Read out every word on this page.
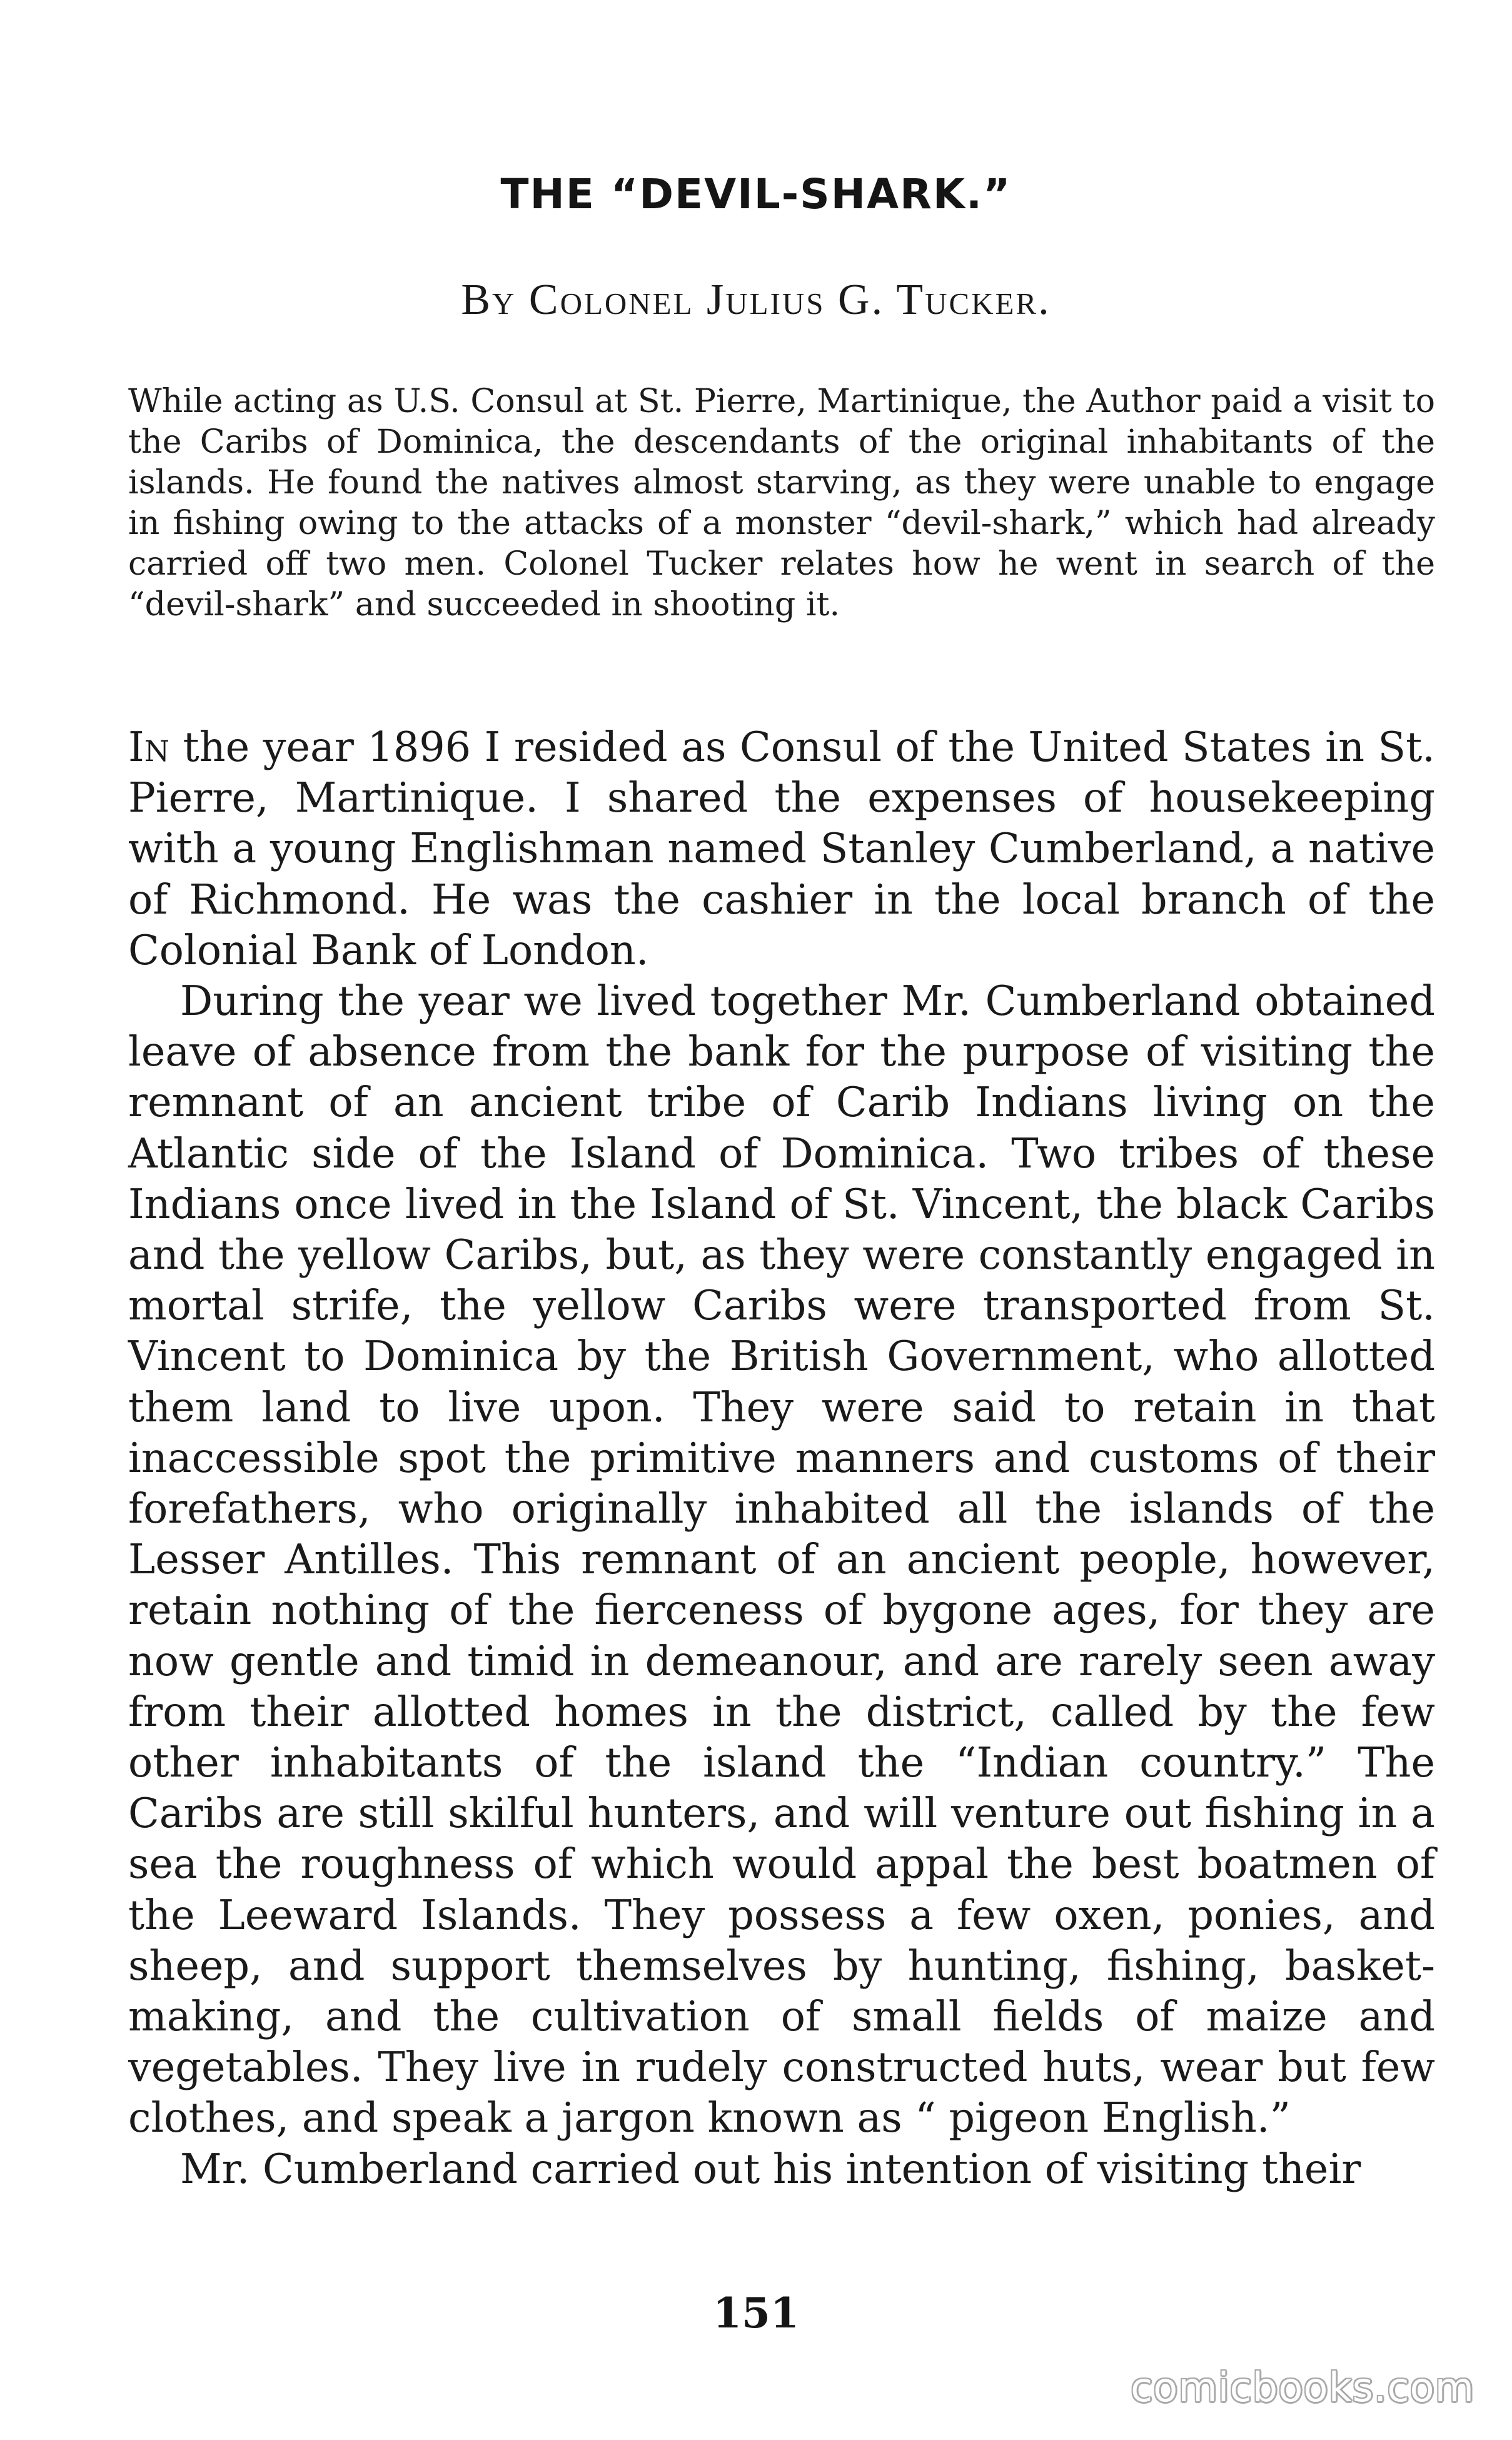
THE “DEVIL-SHARK.”
By Colonel Julius G. Tucker.

While acting as U.S. Consul at St. Pierre, Martinique, the Author paid a visit to the Caribs of Dominica, the descendants of the original inhabitants of the islands. He found the natives almost starving, as they were unable to engage in fishing owing to the attacks of a monster “devil-shark,” which had already carried off two men. Colonel Tucker relates how he went in search of the “devil-shark” and succeeded in shooting it.

In the year 1896 I resided as Consul of the United States in St. Pierre, Martinique. I shared the expenses of housekeeping with a young Englishman named Stanley Cumberland, a native of Richmond. He was the cashier in the local branch of the Colonial Bank of London.

During the year we lived together Mr. Cumberland obtained leave of absence from the bank for the purpose of visiting the remnant of an ancient tribe of Carib Indians living on the Atlantic side of the Island of Dominica. Two tribes of these Indians once lived in the Island of St. Vincent, the black Caribs and the yellow Caribs, but, as they were constantly engaged in mortal strife, the yellow Caribs were transported from St. Vincent to Dominica by the British Government, who allotted them land to live upon. They were said to retain in that inaccessible spot the primitive manners and customs of their forefathers, who originally inhabited all the islands of the Lesser Antilles. This remnant of an ancient people, however, retain nothing of the fierceness of bygone ages, for they are now gentle and timid in demeanour, and are rarely seen away from their allotted homes in the district, called by the few other inhabitants of the island the “Indian country.” The Caribs are still skilful hunters, and will venture out fishing in a sea the roughness of which would appal the best boatmen of the Leeward Islands. They possess a few oxen, ponies, and sheep, and support themselves by hunting, fishing, basket-making, and the cultivation of small fields of maize and vegetables. They live in rudely constructed huts, wear but few clothes, and speak a jargon known as “ pigeon English.”

Mr. Cumberland carried out his intention of visiting their

151
comicbooks.com
